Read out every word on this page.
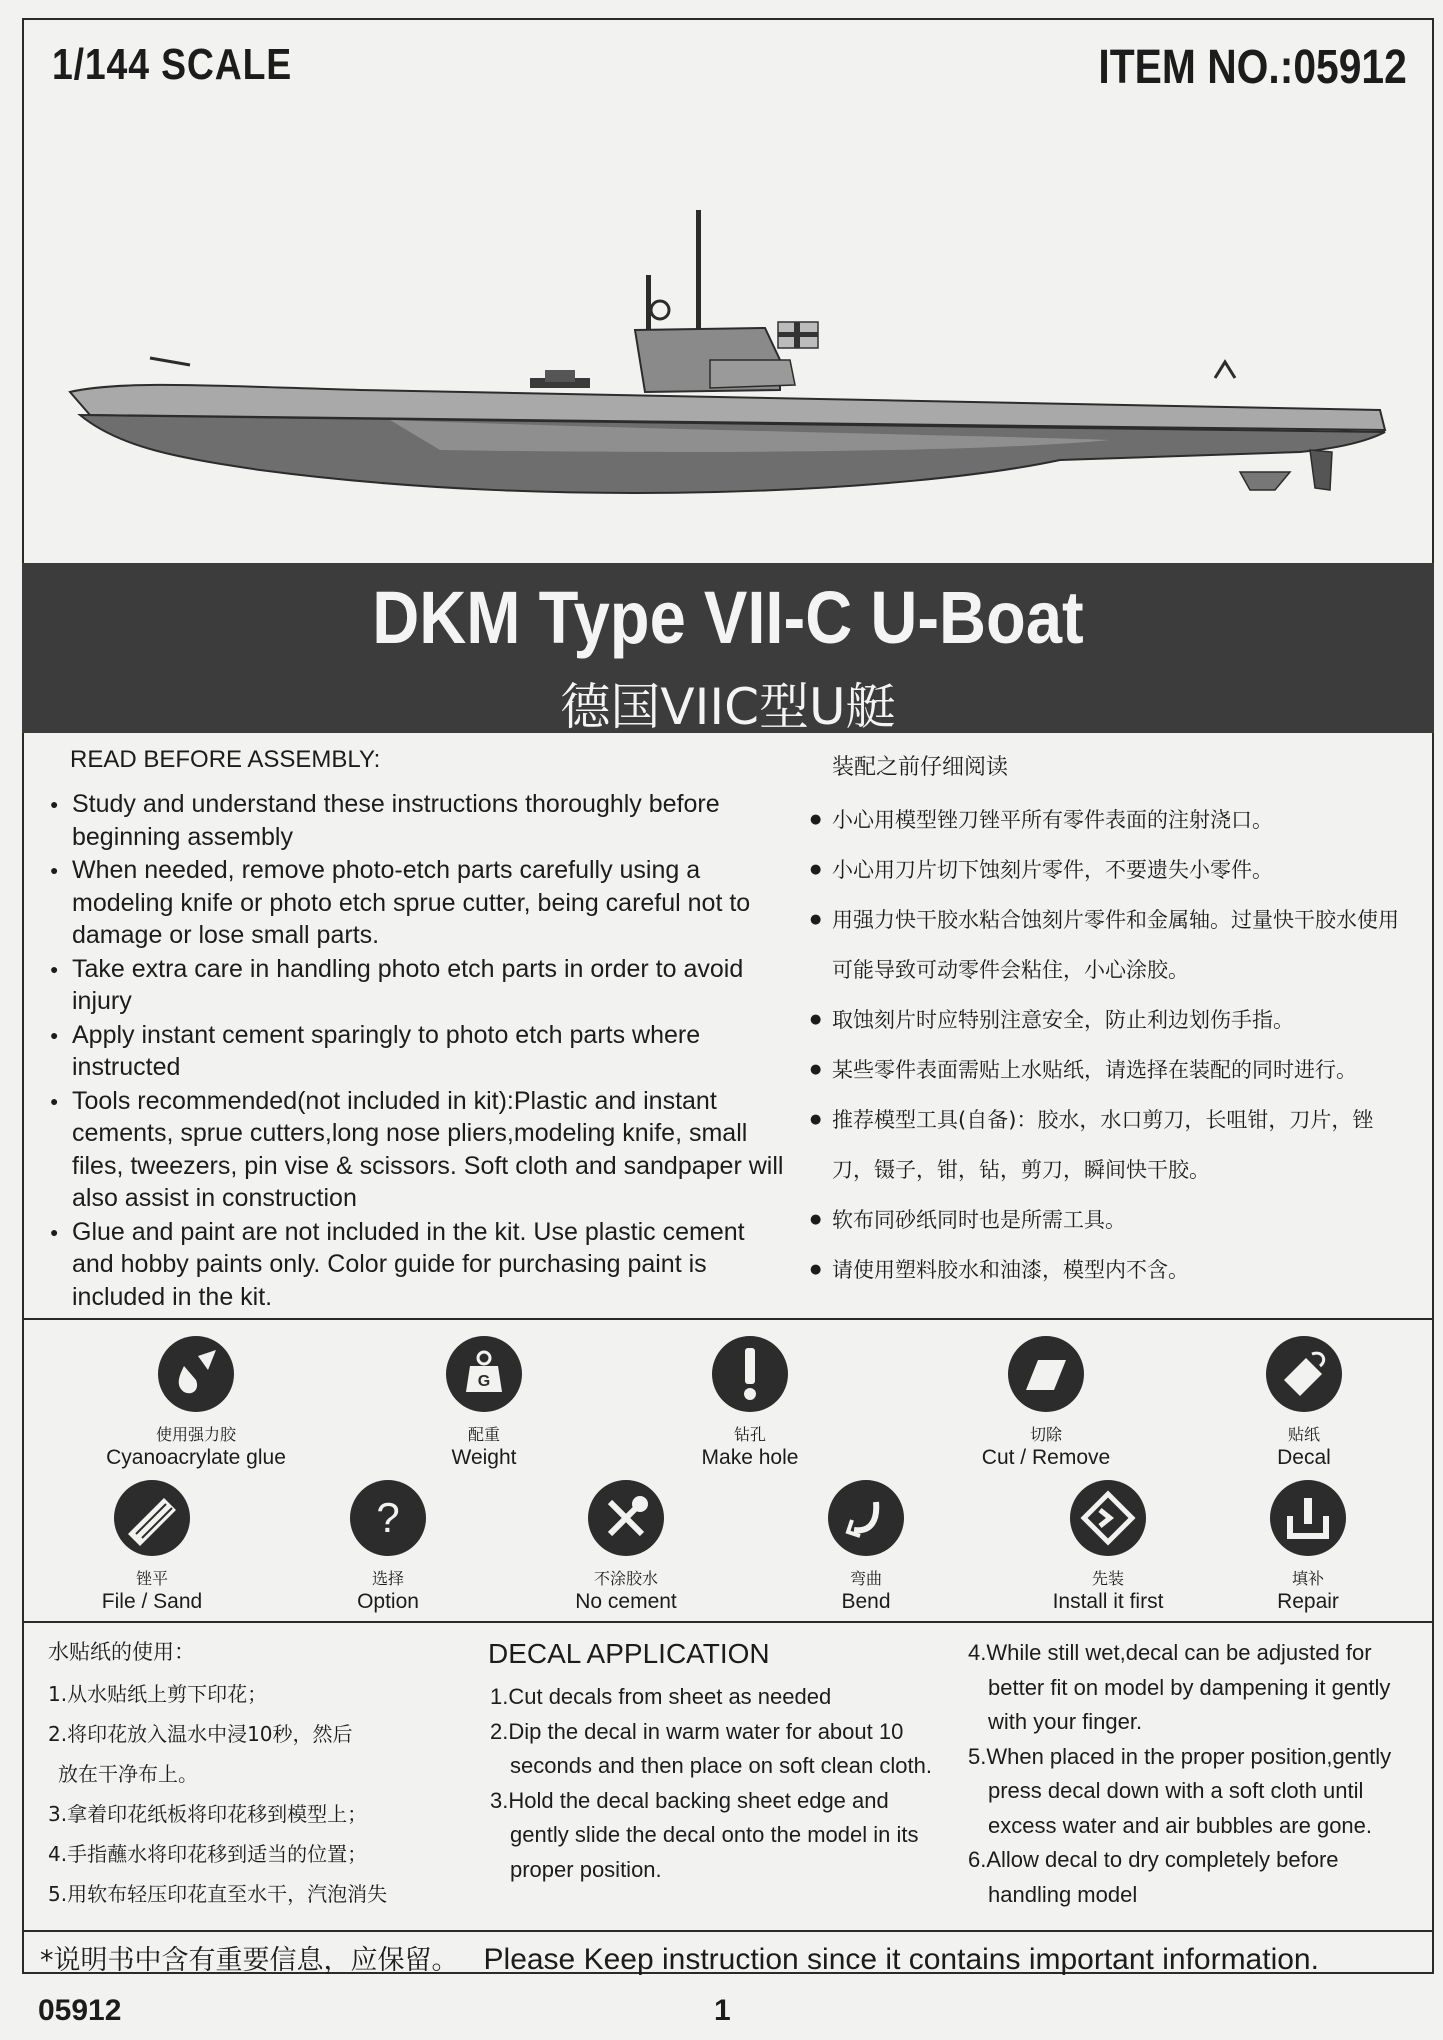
1/144 SCALE	ITEM NO.:05912
DKM Type VII-C U-Boat
德国VIIC型U艇
READ BEFORE ASSEMBLY:
● Study and understand these instructions thoroughly before beginning assembly
● When needed, remove photo-etch parts carefully using a modeling knife or photo etch sprue cutter, being careful not to damage or lose small parts.
● Take extra care in handling photo etch parts in order to avoid injury
● Apply instant cement sparingly to photo etch parts where instructed
● Tools recommended(not included in kit):Plastic and instant cements, sprue cutters,long nose pliers,modeling knife, small files, tweezers, pin vise & scissors. Soft cloth and sandpaper will also assist in construction
● Glue and paint are not included in the kit. Use plastic cement and hobby paints only. Color guide for purchasing paint is included in the kit.
装配之前仔细阅读
● 小心用模型锉刀锉平所有零件表面的注射浇口。
● 小心用刀片切下蚀刻片零件，不要遗失小零件。
● 用强力快干胶水粘合蚀刻片零件和金属轴。过量快干胶水使用可能导致可动零件会粘住，小心涂胶。
● 取蚀刻片时应特别注意安全，防止利边划伤手指。
● 某些零件表面需贴上水贴纸，请选择在装配的同时进行。
● 推荐模型工具(自备)：胶水，水口剪刀，长咀钳，刀片，锉刀，镊子，钳，钻，剪刀，瞬间快干胶。
● 软布同砂纸同时也是所需工具。
● 请使用塑料胶水和油漆，模型内不含。
使用强力胶
Cyanoacrylate glue
G
配重
Weight
钻孔
Make hole
切除
Cut / Remove
贴纸
Decal
锉平
File / Sand
?
选择
Option
不涂胶水
No cement
弯曲
Bend
先装
Install it first
填补
Repair
水贴纸的使用：
1.从水贴纸上剪下印花；
2.将印花放入温水中浸10秒，然后
放在干净布上。
3.拿着印花纸板将印花移到模型上；
4.手指蘸水将印花移到适当的位置；
5.用软布轻压印花直至水干，汽泡消失
DECAL APPLICATION
1.Cut decals from sheet as needed
2.Dip the decal in warm water for about 10 seconds and then place on soft clean cloth.
3.Hold the decal backing sheet edge and gently slide the decal onto the model in its proper position.
4.While still wet,decal can be adjusted for better fit on model by dampening it gently with your finger.
5.When placed in the proper position,gently press decal down with a soft cloth until excess water and air bubbles are gone.
6.Allow decal to dry completely before handling model
*说明书中含有重要信息，应保留。 Please Keep instruction since it contains important information.
05912	1
